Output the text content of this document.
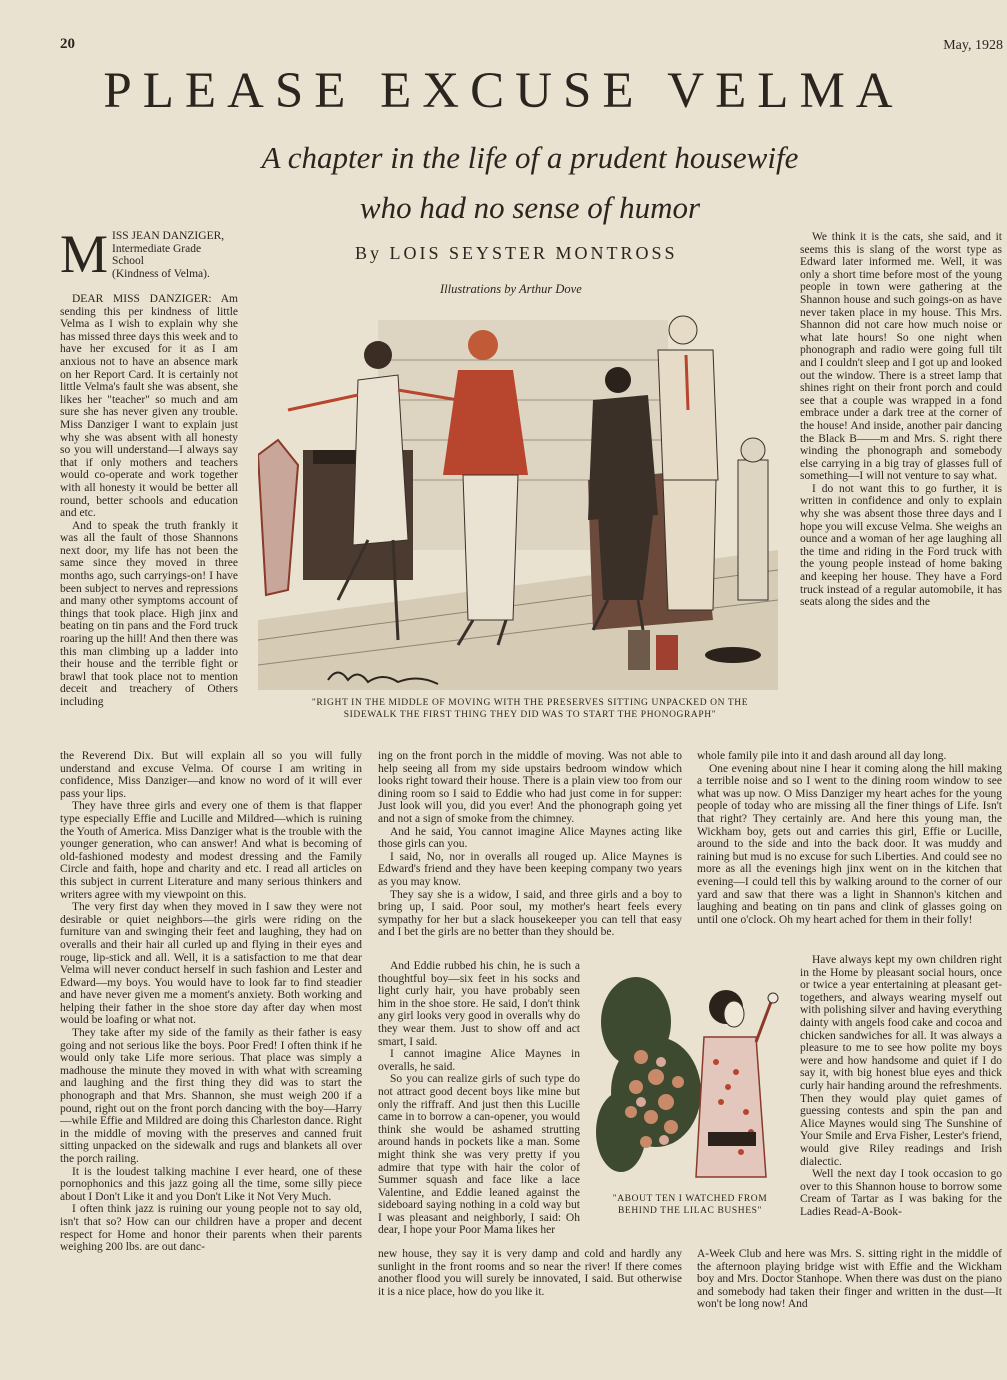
20	May, 1928
PLEASE EXCUSE VELMA
A chapter in the life of a prudent housewife
who had no sense of humor
By LOIS SEYSTER MONTROSS
Illustrations by Arthur Dove
M ISS JEAN DANZIGER,
Intermediate Grade
School
(Kindness of Velma).

DEAR MISS DANZIGER: Am sending this per kindness of little Velma as I wish to explain why she has missed three days this week and to have her excused for it as I am anxious not to have an absence mark on her Report Card. It is certainly not little Velma's fault she was absent, she likes her "teacher" so much and am sure she has never given any trouble. Miss Danziger I want to explain just why she was absent with all honesty so you will understand—I always say that if only mothers and teachers would co-operate and work together with all honesty it would be better all round, better schools and education and etc.

And to speak the truth frankly it was all the fault of those Shannons next door, my life has not been the same since they moved in three months ago, such carryings-on! I have been subject to nerves and repressions and many other symptoms account of things that took place. High jinx and beating on tin pans and the Ford truck roaring up the hill! And then there was this man climbing up a ladder into their house and the terrible fight or brawl that took place not to mention deceit and treachery of Others including	"RIGHT IN THE MIDDLE OF MOVING WITH THE PRESERVES SITTING UNPACKED ON THE SIDEWALK THE FIRST THING THEY DID WAS TO START THE PHONOGRAPH"

We think it is the cats, she said, and it seems this is slang of the worst type as Edward later informed me. Well, it was only a short time before most of the young people in town were gathering at the Shannon house and such goings-on as have never taken place in my house. This Mrs. Shannon did not care how much noise or what late hours! So one night when phonograph and radio were going full tilt and I couldn't sleep and I got up and looked out the window. There is a street lamp that shines right on their front porch and could see that a couple was wrapped in a fond embrace under a dark tree at the corner of the house! And inside, another pair dancing the Black B——m and Mrs. S. right there winding the phonograph and somebody else carrying in a big tray of glasses full of something—I will not venture to say what.

I do not want this to go further, it is written in confidence and only to explain why she was absent those three days and I hope you will excuse Velma. She weighs an ounce and a woman of her age laughing all the time and riding in the Ford truck with the young people instead of home baking and keeping her house. They have a Ford truck instead of a regular automobile, it has seats along the sides and the

the Reverend Dix. But will explain all so you will fully understand and excuse Velma. Of course I am writing in confidence, Miss Danziger—and know no word of it will ever pass your lips.

They have three girls and every one of them is that flapper type especially Effie and Lucille and Mildred—which is ruining the Youth of America. Miss Danziger what is the trouble with the younger generation, who can answer! And what is becoming of old-fashioned modesty and modest dressing and the Family Circle and faith, hope and charity and etc. I read all articles on this subject in current Literature and many serious thinkers and writers agree with my viewpoint on this.

The very first day when they moved in I saw they were not desirable or quiet neighbors—the girls were riding on the furniture van and swinging their feet and laughing, they had on overalls and their hair all curled up and flying in their eyes and rouge, lip-stick and all. Well, it is a satisfaction to me that dear Velma will never conduct herself in such fashion and Lester and Edward—my boys. You would have to look far to find steadier and have never given me a moment's anxiety. Both working and helping their father in the shoe store day after day when most would be loafing or what not.

They take after my side of the family as their father is easy going and not serious like the boys. Poor Fred! I often think if he would only take Life more serious. That place was simply a madhouse the minute they moved in with what with screaming and laughing and the first thing they did was to start the phonograph and that Mrs. Shannon, she must weigh 200 if a pound, right out on the front porch dancing with the boy—Harry—while Effie and Mildred are doing this Charleston dance. Right in the middle of moving with the preserves and canned fruit sitting unpacked on the sidewalk and rugs and blankets all over the porch railing.

It is the loudest talking machine I ever heard, one of these pornophonics and this jazz going all the time, some silly piece about I Don't Like it and you Don't Like it Not Very Much.

I often think jazz is ruining our young people not to say old, isn't that so? How can our children have a proper and decent respect for Home and honor their parents when their parents weighing 200 lbs. are out danc-

ing on the front porch in the middle of moving. Was not able to help seeing all from my side upstairs bedroom window which looks right toward their house. There is a plain view too from our dining room so I said to Eddie who had just come in for supper: Just look will you, did you ever! And the phonograph going yet and not a sign of smoke from the chimney.

And he said, You cannot imagine Alice Maynes acting like those girls can you.

I said, No, nor in overalls all rouged up. Alice Maynes is Edward's friend and they have been keeping company two years as you may know.

They say she is a widow, I said, and three girls and a boy to bring up, I said. Poor soul, my mother's heart feels every sympathy for her but a slack housekeeper you can tell that easy and I bet the girls are no better than they should be.

And Eddie rubbed his chin, he is such a thoughtful boy—six feet in his socks and light curly hair, you have probably seen him in the shoe store. He said, I don't think any girl looks very good in overalls why do they wear them. Just to show off and act smart, I said.

I cannot imagine Alice Maynes in overalls, he said.

So you can realize girls of such type do not attract good decent boys like mine but only the riffraff. And just then this Lucille came in to borrow a can-opener, you would think she would be ashamed strutting around hands in pockets like a man. Some might think she was very pretty if you admire that type with hair the color of Summer squash and face like a lace Valentine, and Eddie leaned against the sideboard saying nothing in a cold way but I was pleasant and neighborly, I said: Oh dear, I hope your Poor Mama likes her

"ABOUT TEN I WATCHED FROM BEHIND THE LILAC BUSHES"

new house, they say it is very damp and cold and hardly any sunlight in the front rooms and so near the river! If there comes another flood you will surely be innovated, I said. But otherwise it is a nice place, how do you like it.

whole family pile into it and dash around all day long.

One evening about nine I hear it coming along the hill making a terrible noise and so I went to the dining room window to see what was up now. O Miss Danziger my heart aches for the young people of today who are missing all the finer things of Life. Isn't that right? They certainly are. And here this young man, the Wickham boy, gets out and carries this girl, Effie or Lucille, around to the side and into the back door. It was muddy and raining but mud is no excuse for such Liberties. And could see no more as all the evenings high jinx went on in the kitchen that evening—I could tell this by walking around to the corner of our yard and saw that there was a light in Shannon's kitchen and laughing and beating on tin pans and clink of glasses going on until one o'clock. Oh my heart ached for them in their folly!

Have always kept my own children right in the Home by pleasant social hours, once or twice a year entertaining at pleasant get-togethers, and always wearing myself out with polishing silver and having everything dainty with angels food cake and cocoa and chicken sandwiches for all. It was always a pleasure to me to see how polite my boys were and how handsome and quiet if I do say it, with big honest blue eyes and thick curly hair handing around the refreshments. Then they would play quiet games of guessing contests and spin the pan and Alice Maynes would sing The Sunshine of Your Smile and Erva Fisher, Lester's friend, would give Riley readings and Irish dialectic.

Well the next day I took occasion to go over to this Shannon house to borrow some Cream of Tartar as I was baking for the Ladies Read-A-Book-

A-Week Club and here was Mrs. S. sitting right in the middle of the afternoon playing bridge wist with Effie and the Wickham boy and Mrs. Doctor Stanhope. When there was dust on the piano and somebody had taken their finger and written in the dust—It won't be long now! And
